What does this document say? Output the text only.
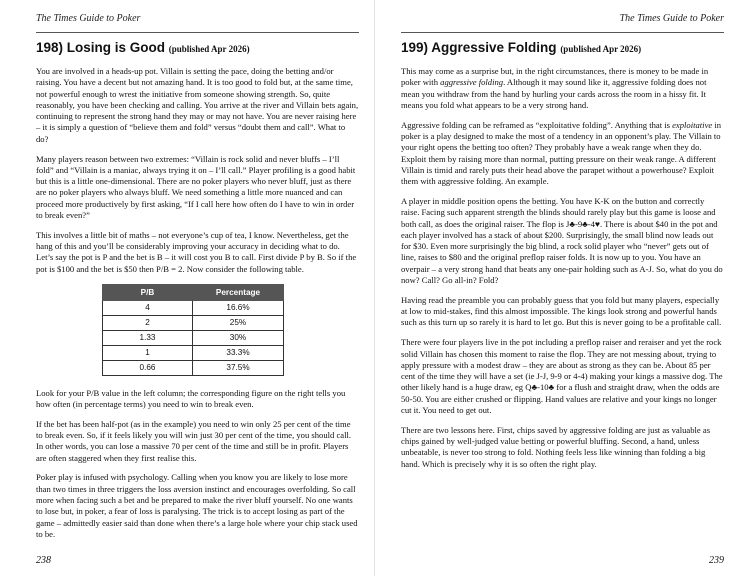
The Times Guide to Poker
198) Losing is Good (published Apr 2026)

You are involved in a heads-up pot. Villain is setting the pace, doing the betting and/or raising. You have a decent but not amazing hand. It is too good to fold but, at the same time, not powerful enough to wrest the initiative from someone showing strength. So, quite reasonably, you have been checking and calling. You arrive at the river and Villain bets again, continuing to represent the strong hand they may or may not have. You are never raising here – it is simply a question of “believe them and fold” versus “doubt them and call”. What to do?

Many players reason between two extremes: “Villain is rock solid and never bluffs – I’ll fold” and “Villain is a maniac, always trying it on – I’ll call.” Player profiling is a good habit but this is a little one-dimensional. There are no poker players who never bluff, just as there are no poker players who always bluff. We need something a little more nuanced and can proceed more productively by first asking, “If I call here how often do I have to win in order to break even?”

This involves a little bit of maths – not everyone’s cup of tea, I know. Nevertheless, get the hang of this and you’ll be considerably improving your accuracy in deciding what to do. Let’s say the pot is P and the bet is B – it will cost you B to call. First divide P by B. So if the pot is $100 and the bet is $50 then P/B = 2. Now consider the following table.

P/B	Percentage
4	16.6%
2	25%
1.33	30%
1	33.3%
0.66	37.5%

Look for your P/B value in the left column; the corresponding figure on the right tells you how often (in percentage terms) you need to win to break even.

If the bet has been half-pot (as in the example) you need to win only 25 per cent of the time to break even. So, if it feels likely you will win just 30 per cent of the time, you should call. In other words, you can lose a massive 70 per cent of the time and still be in profit. Players are often staggered when they first realise this.

Poker play is infused with psychology. Calling when you know you are likely to lose more than two times in three triggers the loss aversion instinct and encourages overfolding. So call more when facing such a bet and be prepared to make the river bluff yourself. No one wants to lose but, in poker, a fear of loss is paralysing. The trick is to accept losing as part of the game – admittedly easier said than done when there’s a large hole where your chip stack used to be.

238
The Times Guide to Poker
199) Aggressive Folding (published Apr 2026)

This may come as a surprise but, in the right circumstances, there is money to be made in poker with aggressive folding. Although it may sound like it, aggressive folding does not mean you withdraw from the hand by hurling your cards across the room in a hissy fit. It means you fold what appears to be a very strong hand.

Aggressive folding can be reframed as “exploitative folding”. Anything that is exploitative in poker is a play designed to make the most of a tendency in an opponent’s play. The Villain to your right opens the betting too often? They probably have a weak range when they do. Exploit them by raising more than normal, putting pressure on their weak range. A different Villain is timid and rarely puts their head above the parapet without a powerhouse? Exploit them with aggressive folding. An example.

A player in middle position opens the betting. You have K-K on the button and correctly raise. Facing such apparent strength the blinds should rarely play but this game is loose and both call, as does the original raiser. The flop is J♣-9♣-4♥. There is about $40 in the pot and each player involved has a stack of about $200. Surprisingly, the small blind now leads out for $30. Even more surprisingly the big blind, a rock solid player who “never” gets out of line, raises to $80 and the original preflop raiser folds. It is now up to you. You have an overpair – a very strong hand that beats any one-pair holding such as A-J. So, what do you do now? Call? Go all-in? Fold?

Having read the preamble you can probably guess that you fold but many players, especially at low to mid-stakes, find this almost impossible. The kings look strong and powerful hands such as this turn up so rarely it is hard to let go. But this is never going to be a profitable call.

There were four players live in the pot including a preflop raiser and reraiser and yet the rock solid Villain has chosen this moment to raise the flop. They are not messing about, trying to apply pressure with a modest draw – they are about as strong as they can be. About 85 per cent of the time they will have a set (ie J-J, 9-9 or 4-4) making your kings a massive dog. The other likely hand is a huge draw, eg Q♣-10♣ for a flush and straight draw, when the odds are 50-50. You are either crushed or flipping. Hand values are relative and your kings no longer cut it. You need to get out.

There are two lessons here. First, chips saved by aggressive folding are just as valuable as chips gained by well-judged value betting or powerful bluffing. Second, a hand, unless unbeatable, is never too strong to fold. Nothing feels less like winning than folding a big hand. Which is precisely why it is so often the right play.

239
